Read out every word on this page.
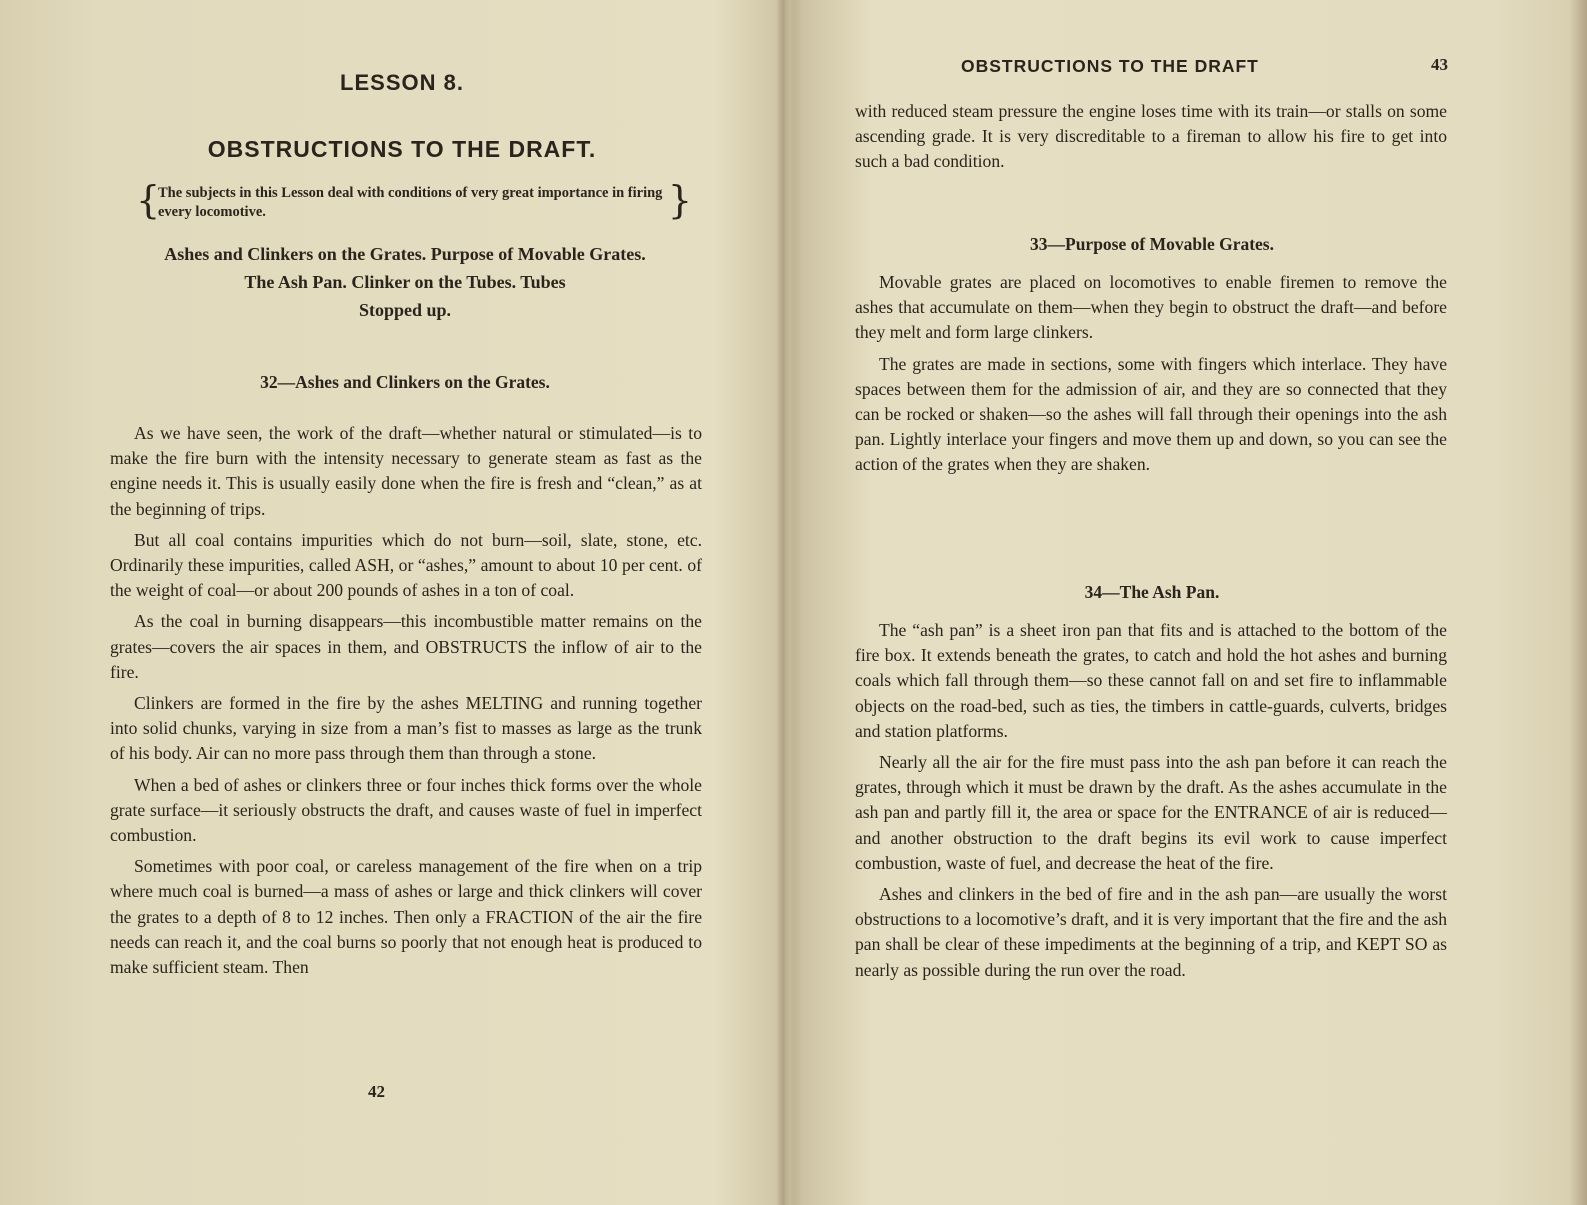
LESSON 8.
OBSTRUCTIONS TO THE DRAFT.
{
The subjects in this Lesson deal with conditions of very great importance in firing every locomotive.	}
Ashes and Clinkers on the Grates. Purpose of Movable Grates.
The Ash Pan. Clinker on the Tubes. Tubes
Stopped up.
32—Ashes and Clinkers on the Grates.

As we have seen, the work of the draft—whether natural or stimulated—is to make the fire burn with the intensity necessary to generate steam as fast as the engine needs it. This is usually easily done when the fire is fresh and “clean,” as at the beginning of trips.

But all coal contains impurities which do not burn—soil, slate, stone, etc. Ordinarily these impurities, called ASH, or “ashes,” amount to about 10 per cent. of the weight of coal—or about 200 pounds of ashes in a ton of coal.

As the coal in burning disappears—this incombustible matter remains on the grates—covers the air spaces in them, and OBSTRUCTS the inflow of air to the fire.

Clinkers are formed in the fire by the ashes MELTING and running together into solid chunks, varying in size from a man’s fist to masses as large as the trunk of his body. Air can no more pass through them than through a stone.

When a bed of ashes or clinkers three or four inches thick forms over the whole grate surface—it seriously obstructs the draft, and causes waste of fuel in imperfect combustion.

Sometimes with poor coal, or careless management of the fire when on a trip where much coal is burned—a mass of ashes or large and thick clinkers will cover the grates to a depth of 8 to 12 inches. Then only a FRACTION of the air the fire needs can reach it, and the coal burns so poorly that not enough heat is produced to make sufficient steam. Then

42
OBSTRUCTIONS TO THE DRAFT	43

with reduced steam pressure the engine loses time with its train—or stalls on some ascending grade. It is very discreditable to a fireman to allow his fire to get into such a bad condition.

33—Purpose of Movable Grates.

Movable grates are placed on locomotives to enable firemen to remove the ashes that accumulate on them—when they begin to obstruct the draft—and before they melt and form large clinkers.

The grates are made in sections, some with fingers which interlace. They have spaces between them for the admission of air, and they are so connected that they can be rocked or shaken—so the ashes will fall through their openings into the ash pan. Lightly interlace your fingers and move them up and down, so you can see the action of the grates when they are shaken.

34—The Ash Pan.

The “ash pan” is a sheet iron pan that fits and is attached to the bottom of the fire box. It extends beneath the grates, to catch and hold the hot ashes and burning coals which fall through them—so these cannot fall on and set fire to inflammable objects on the road-bed, such as ties, the timbers in cattle-guards, culverts, bridges and station platforms.

Nearly all the air for the fire must pass into the ash pan before it can reach the grates, through which it must be drawn by the draft. As the ashes accumulate in the ash pan and partly fill it, the area or space for the ENTRANCE of air is reduced—and another obstruction to the draft begins its evil work to cause imperfect combustion, waste of fuel, and decrease the heat of the fire.

Ashes and clinkers in the bed of fire and in the ash pan—are usually the worst obstructions to a locomotive’s draft, and it is very important that the fire and the ash pan shall be clear of these impediments at the beginning of a trip, and KEPT SO as nearly as possible during the run over the road.
